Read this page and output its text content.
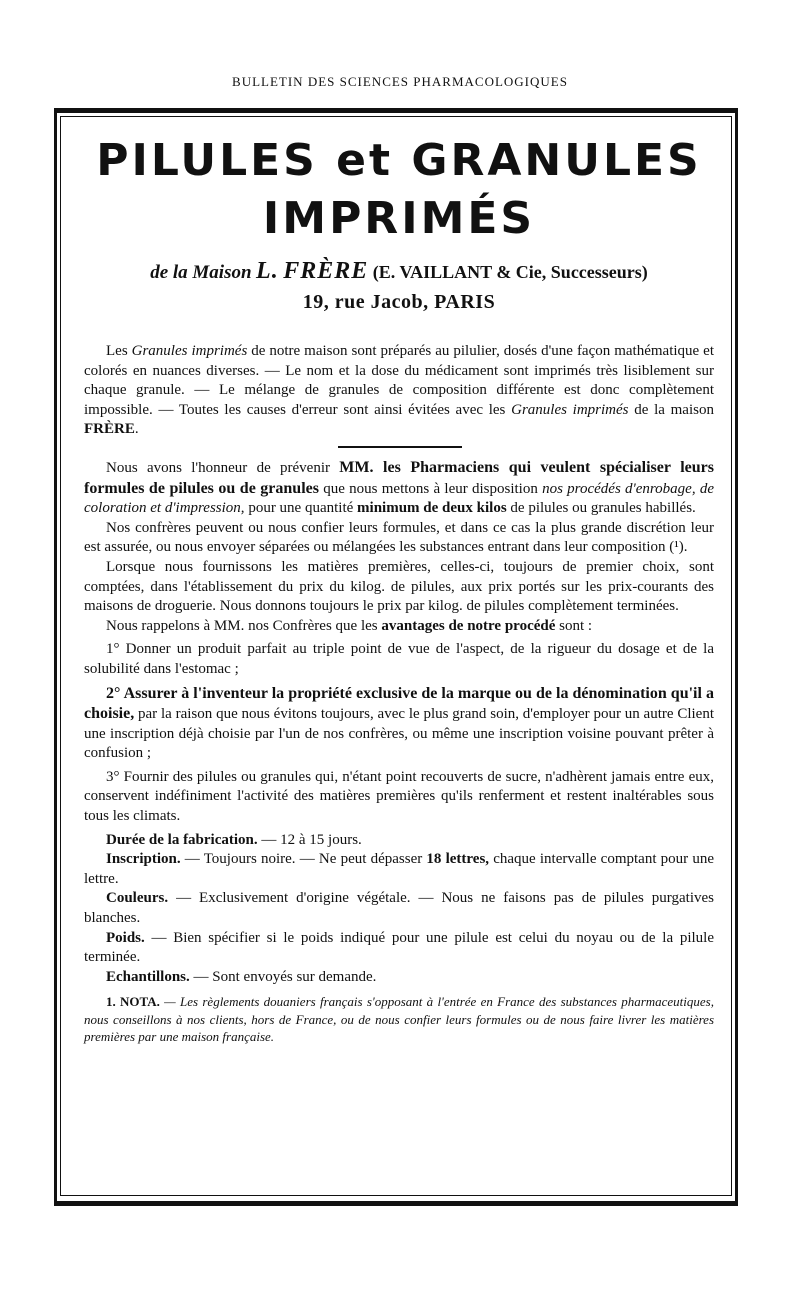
BULLETIN DES SCIENCES PHARMACOLOGIQUES
PILULES et GRANULES
IMPRIMÉS
de la Maison L. FRÈRE (E. VAILLANT & Cie, Successeurs)
19, rue Jacob, PARIS

Les Granules imprimés de notre maison sont préparés au pilulier, dosés d'une façon mathématique et colorés en nuances diverses. — Le nom et la dose du médicament sont imprimés très lisiblement sur chaque granule. — Le mélange de granules de composition différente est donc complètement impossible. — Toutes les causes d'erreur sont ainsi évitées avec les Granules imprimés de la maison FRÈRE.

Nous avons l'honneur de prévenir MM. les Pharmaciens qui veulent spécialiser leurs formules de pilules ou de granules que nous mettons à leur disposition nos procédés d'enrobage, de coloration et d'impression, pour une quantité minimum de deux kilos de pilules ou granules habillés.

Nos confrères peuvent ou nous confier leurs formules, et dans ce cas la plus grande discrétion leur est assurée, ou nous envoyer séparées ou mélangées les substances entrant dans leur composition (¹).

Lorsque nous fournissons les matières premières, celles-ci, toujours de premier choix, sont comptées, dans l'établissement du prix du kilog. de pilules, aux prix portés sur les prix-courants des maisons de droguerie. Nous donnons toujours le prix par kilog. de pilules complètement terminées.

Nous rappelons à MM. nos Confrères que les avantages de notre procédé sont :

1° Donner un produit parfait au triple point de vue de l'aspect, de la rigueur du dosage et de la solubilité dans l'estomac ;

2° Assurer à l'inventeur la propriété exclusive de la marque ou de la dénomination qu'il a choisie, par la raison que nous évitons toujours, avec le plus grand soin, d'employer pour un autre Client une inscription déjà choisie par l'un de nos confrères, ou même une inscription voisine pouvant prêter à confusion ;

3° Fournir des pilules ou granules qui, n'étant point recouverts de sucre, n'adhèrent jamais entre eux, conservent indéfiniment l'activité des matières premières qu'ils renferment et restent inaltérables sous tous les climats.

Durée de la fabrication. — 12 à 15 jours.

Inscription. — Toujours noire. — Ne peut dépasser 18 lettres, chaque intervalle comptant pour une lettre.

Couleurs. — Exclusivement d'origine végétale. — Nous ne faisons pas de pilules purgatives blanches.

Poids. — Bien spécifier si le poids indiqué pour une pilule est celui du noyau ou de la pilule terminée.

Echantillons. — Sont envoyés sur demande.

1. NOTA. — Les règlements douaniers français s'opposant à l'entrée en France des substances pharmaceutiques, nous conseillons à nos clients, hors de France, ou de nous confier leurs formules ou de nous faire livrer les matières premières par une maison française.
